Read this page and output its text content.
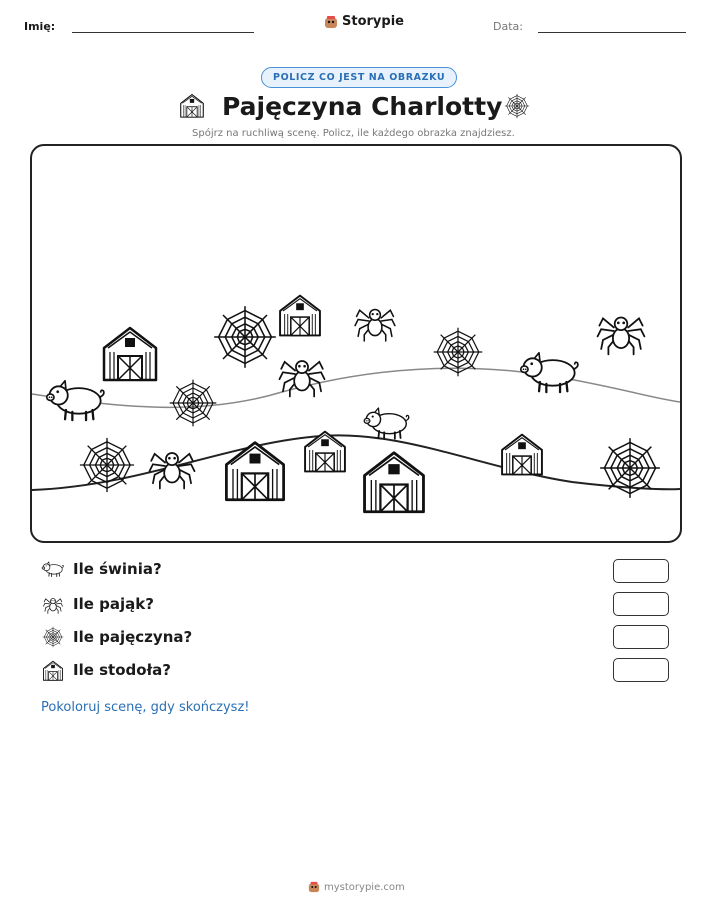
Imię:	Storypie	Data:
POLICZ CO JEST NA OBRAZKU
Pajęczyna Charlotty
Spójrz na ruchliwą scenę. Policz, ile każdego obrazka znajdziesz.
Ile świnia?
Ile pająk?
Ile pajęczyna?
Ile stodoła?
Pokoloruj scenę, gdy skończysz!
mystorypie.com
